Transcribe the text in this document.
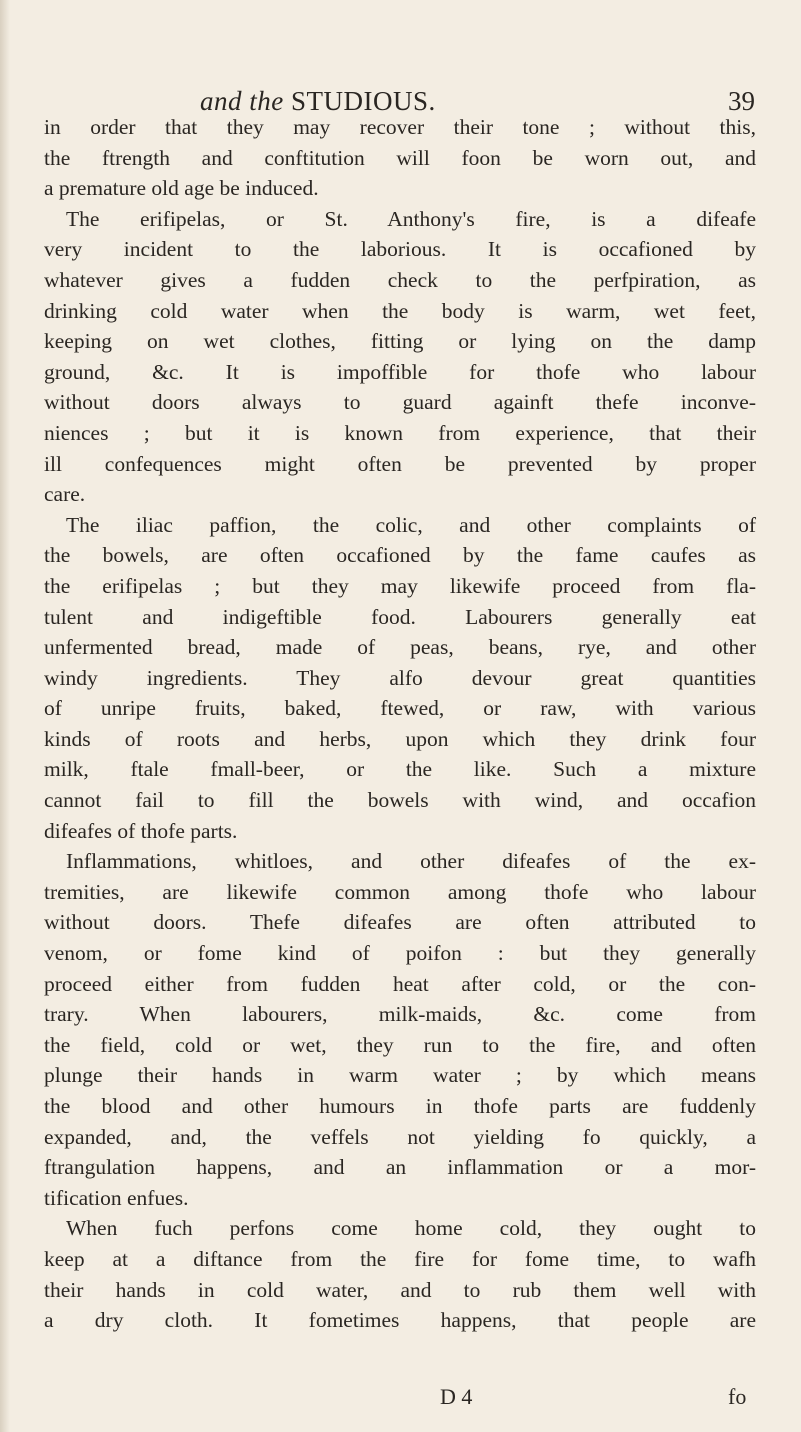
and the STUDIOUS.	39
in order that they may recover their tone ; without this,
the ftrength and conftitution will foon be worn out, and
a premature old age be induced.
The erifipelas, or St. Anthony's fire, is a difeafe
very incident to the laborious. It is occafioned by
whatever gives a fudden check to the perfpiration, as
drinking cold water when the body is warm, wet feet,
keeping on wet clothes, fitting or lying on the damp
ground, &c. It is impoffible for thofe who labour
without doors always to guard againft thefe inconve-
niences ; but it is known from experience, that their
ill confequences might often be prevented by proper
care.
The iliac paffion, the colic, and other complaints of
the bowels, are often occafioned by the fame caufes as
the erifipelas ; but they may likewife proceed from fla-
tulent and indigeftible food. Labourers generally eat
unfermented bread, made of peas, beans, rye, and other
windy ingredients. They alfo devour great quantities
of unripe fruits, baked, ftewed, or raw, with various
kinds of roots and herbs, upon which they drink four
milk, ftale fmall-beer, or the like. Such a mixture
cannot fail to fill the bowels with wind, and occafion
difeafes of thofe parts.
Inflammations, whitloes, and other difeafes of the ex-
tremities, are likewife common among thofe who labour
without doors. Thefe difeafes are often attributed to
venom, or fome kind of poifon : but they generally
proceed either from fudden heat after cold, or the con-
trary. When labourers, milk-maids, &c. come from
the field, cold or wet, they run to the fire, and often
plunge their hands in warm water ; by which means
the blood and other humours in thofe parts are fuddenly
expanded, and, the veffels not yielding fo quickly, a
ftrangulation happens, and an inflammation or a mor-
tification enfues.
When fuch perfons come home cold, they ought to
keep at a diftance from the fire for fome time, to wafh
their hands in cold water, and to rub them well with
a dry cloth. It fometimes happens, that people are
D 4	fo
